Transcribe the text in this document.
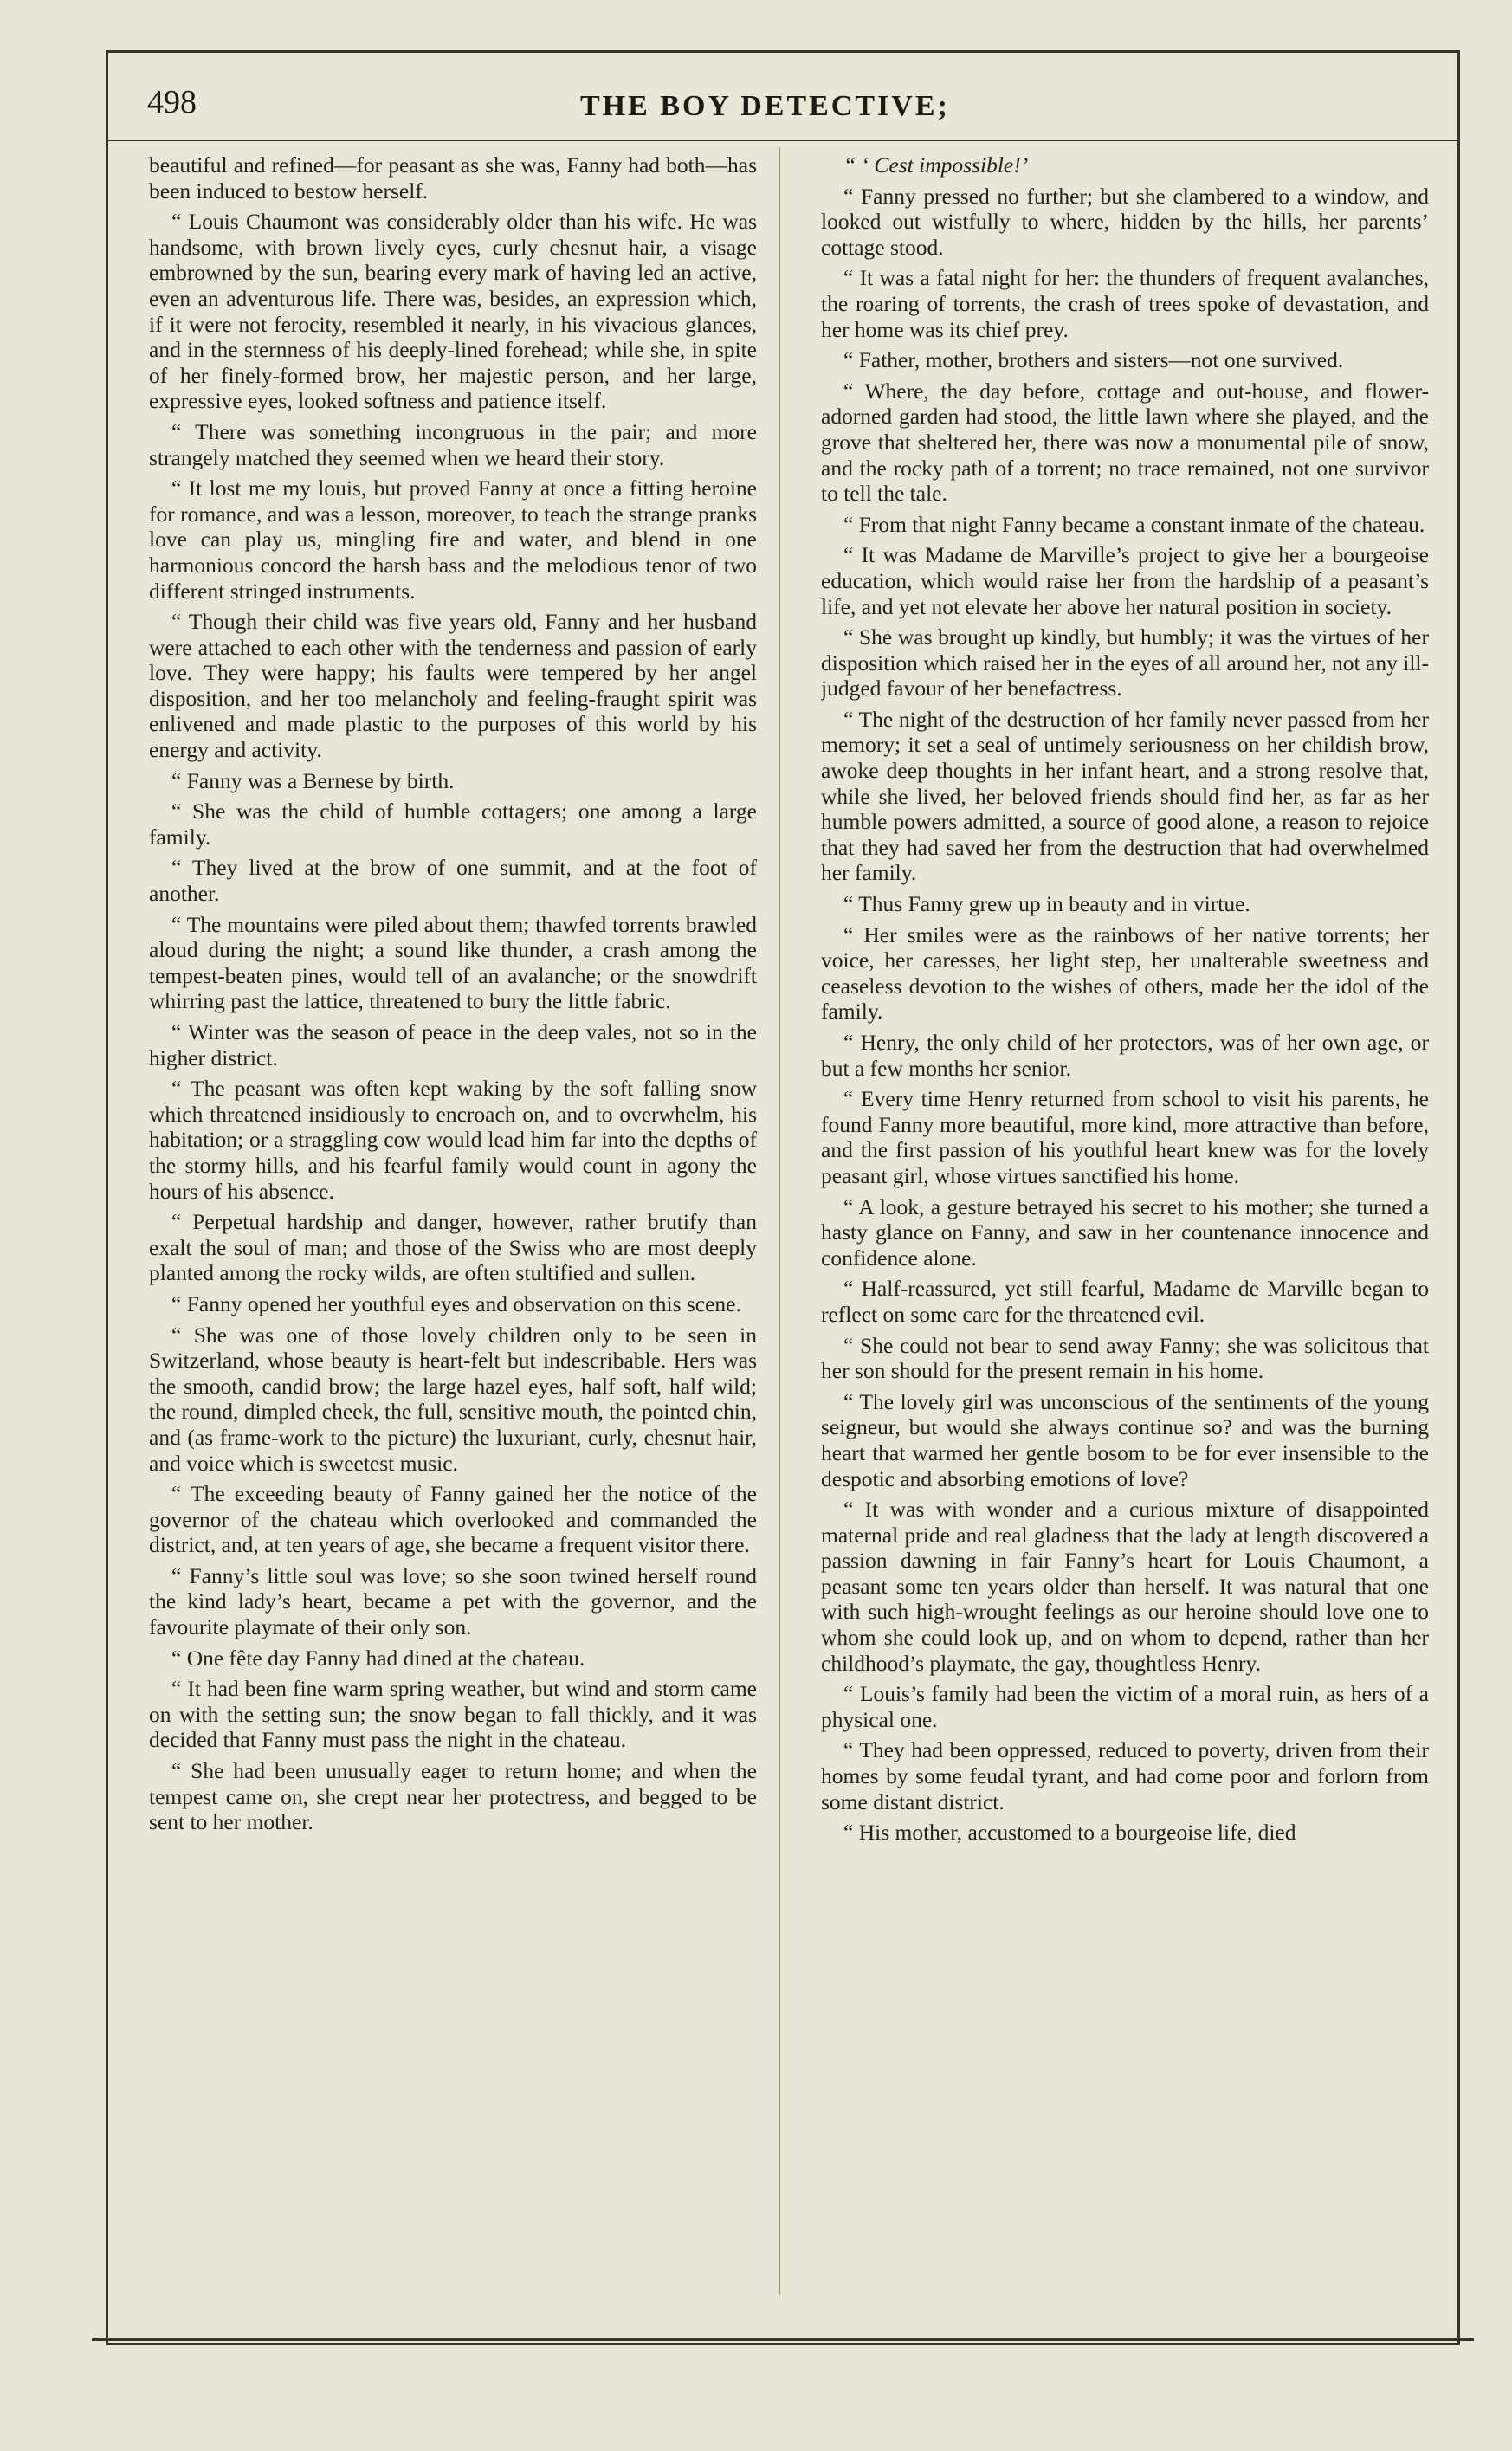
498	THE BOY DETECTIVE;

beautiful and refined—for peasant as she was, Fanny had both—has been induced to bestow herself.

“ Louis Chaumont was considerably older than his wife. He was handsome, with brown lively eyes, curly chesnut hair, a visage embrowned by the sun, bearing every mark of having led an active, even an adventurous life. There was, besides, an expression which, if it were not ferocity, resembled it nearly, in his vivacious glances, and in the sternness of his deeply-lined forehead; while she, in spite of her finely-formed brow, her majestic person, and her large, expressive eyes, looked softness and patience itself.

“ There was something incongruous in the pair; and more strangely matched they seemed when we heard their story.

“ It lost me my louis, but proved Fanny at once a fitting heroine for romance, and was a lesson, moreover, to teach the strange pranks love can play us, mingling fire and water, and blend in one harmonious concord the harsh bass and the melodious tenor of two different stringed instruments.

“ Though their child was five years old, Fanny and her husband were attached to each other with the tenderness and passion of early love. They were happy; his faults were tempered by her angel disposition, and her too melancholy and feeling-fraught spirit was enlivened and made plastic to the purposes of this world by his energy and activity.

“ Fanny was a Bernese by birth.

“ She was the child of humble cottagers; one among a large family.

“ They lived at the brow of one summit, and at the foot of another.

“ The mountains were piled about them; thawfed torrents brawled aloud during the night; a sound like thunder, a crash among the tempest-beaten pines, would tell of an avalanche; or the snowdrift whirring past the lattice, threatened to bury the little fabric.

“ Winter was the season of peace in the deep vales, not so in the higher district.

“ The peasant was often kept waking by the soft falling snow which threatened insidiously to encroach on, and to overwhelm, his habitation; or a straggling cow would lead him far into the depths of the stormy hills, and his fearful family would count in agony the hours of his absence.

“ Perpetual hardship and danger, however, rather brutify than exalt the soul of man; and those of the Swiss who are most deeply planted among the rocky wilds, are often stultified and sullen.

“ Fanny opened her youthful eyes and observation on this scene.

“ She was one of those lovely children only to be seen in Switzerland, whose beauty is heart-felt but indescribable. Hers was the smooth, candid brow; the large hazel eyes, half soft, half wild; the round, dimpled cheek, the full, sensitive mouth, the pointed chin, and (as frame-work to the picture) the luxuriant, curly, chesnut hair, and voice which is sweetest music.

“ The exceeding beauty of Fanny gained her the notice of the governor of the chateau which overlooked and commanded the district, and, at ten years of age, she became a frequent visitor there.

“ Fanny’s little soul was love; so she soon twined herself round the kind lady’s heart, became a pet with the governor, and the favourite playmate of their only son.

“ One fête day Fanny had dined at the chateau.

“ It had been fine warm spring weather, but wind and storm came on with the setting sun; the snow began to fall thickly, and it was decided that Fanny must pass the night in the chateau.

“ She had been unusually eager to return home; and when the tempest came on, she crept near her protectress, and begged to be sent to her mother.

“ ‘ Cest impossible!’

“ Fanny pressed no further; but she clambered to a window, and looked out wistfully to where, hidden by the hills, her parents’ cottage stood.

“ It was a fatal night for her: the thunders of frequent avalanches, the roaring of torrents, the crash of trees spoke of devastation, and her home was its chief prey.

“ Father, mother, brothers and sisters—not one survived.

“ Where, the day before, cottage and out-house, and flower-adorned garden had stood, the little lawn where she played, and the grove that sheltered her, there was now a monumental pile of snow, and the rocky path of a torrent; no trace remained, not one survivor to tell the tale.

“ From that night Fanny became a constant inmate of the chateau.

“ It was Madame de Marville’s project to give her a bourgeoise education, which would raise her from the hardship of a peasant’s life, and yet not elevate her above her natural position in society.

“ She was brought up kindly, but humbly; it was the virtues of her disposition which raised her in the eyes of all around her, not any ill-judged favour of her benefactress.

“ The night of the destruction of her family never passed from her memory; it set a seal of untimely seriousness on her childish brow, awoke deep thoughts in her infant heart, and a strong resolve that, while she lived, her beloved friends should find her, as far as her humble powers admitted, a source of good alone, a reason to rejoice that they had saved her from the destruction that had overwhelmed her family.

“ Thus Fanny grew up in beauty and in virtue.

“ Her smiles were as the rainbows of her native torrents; her voice, her caresses, her light step, her unalterable sweetness and ceaseless devotion to the wishes of others, made her the idol of the family.

“ Henry, the only child of her protectors, was of her own age, or but a few months her senior.

“ Every time Henry returned from school to visit his parents, he found Fanny more beautiful, more kind, more attractive than before, and the first passion of his youthful heart knew was for the lovely peasant girl, whose virtues sanctified his home.

“ A look, a gesture betrayed his secret to his mother; she turned a hasty glance on Fanny, and saw in her countenance innocence and confidence alone.

“ Half-reassured, yet still fearful, Madame de Marville began to reflect on some care for the threatened evil.

“ She could not bear to send away Fanny; she was solicitous that her son should for the present remain in his home.

“ The lovely girl was unconscious of the sentiments of the young seigneur, but would she always continue so? and was the burning heart that warmed her gentle bosom to be for ever insensible to the despotic and absorbing emotions of love?

“ It was with wonder and a curious mixture of disappointed maternal pride and real gladness that the lady at length discovered a passion dawning in fair Fanny’s heart for Louis Chaumont, a peasant some ten years older than herself. It was natural that one with such high-wrought feelings as our heroine should love one to whom she could look up, and on whom to depend, rather than her childhood’s playmate, the gay, thoughtless Henry.

“ Louis’s family had been the victim of a moral ruin, as hers of a physical one.

“ They had been oppressed, reduced to poverty, driven from their homes by some feudal tyrant, and had come poor and forlorn from some distant district.

“ His mother, accustomed to a bourgeoise life, died
